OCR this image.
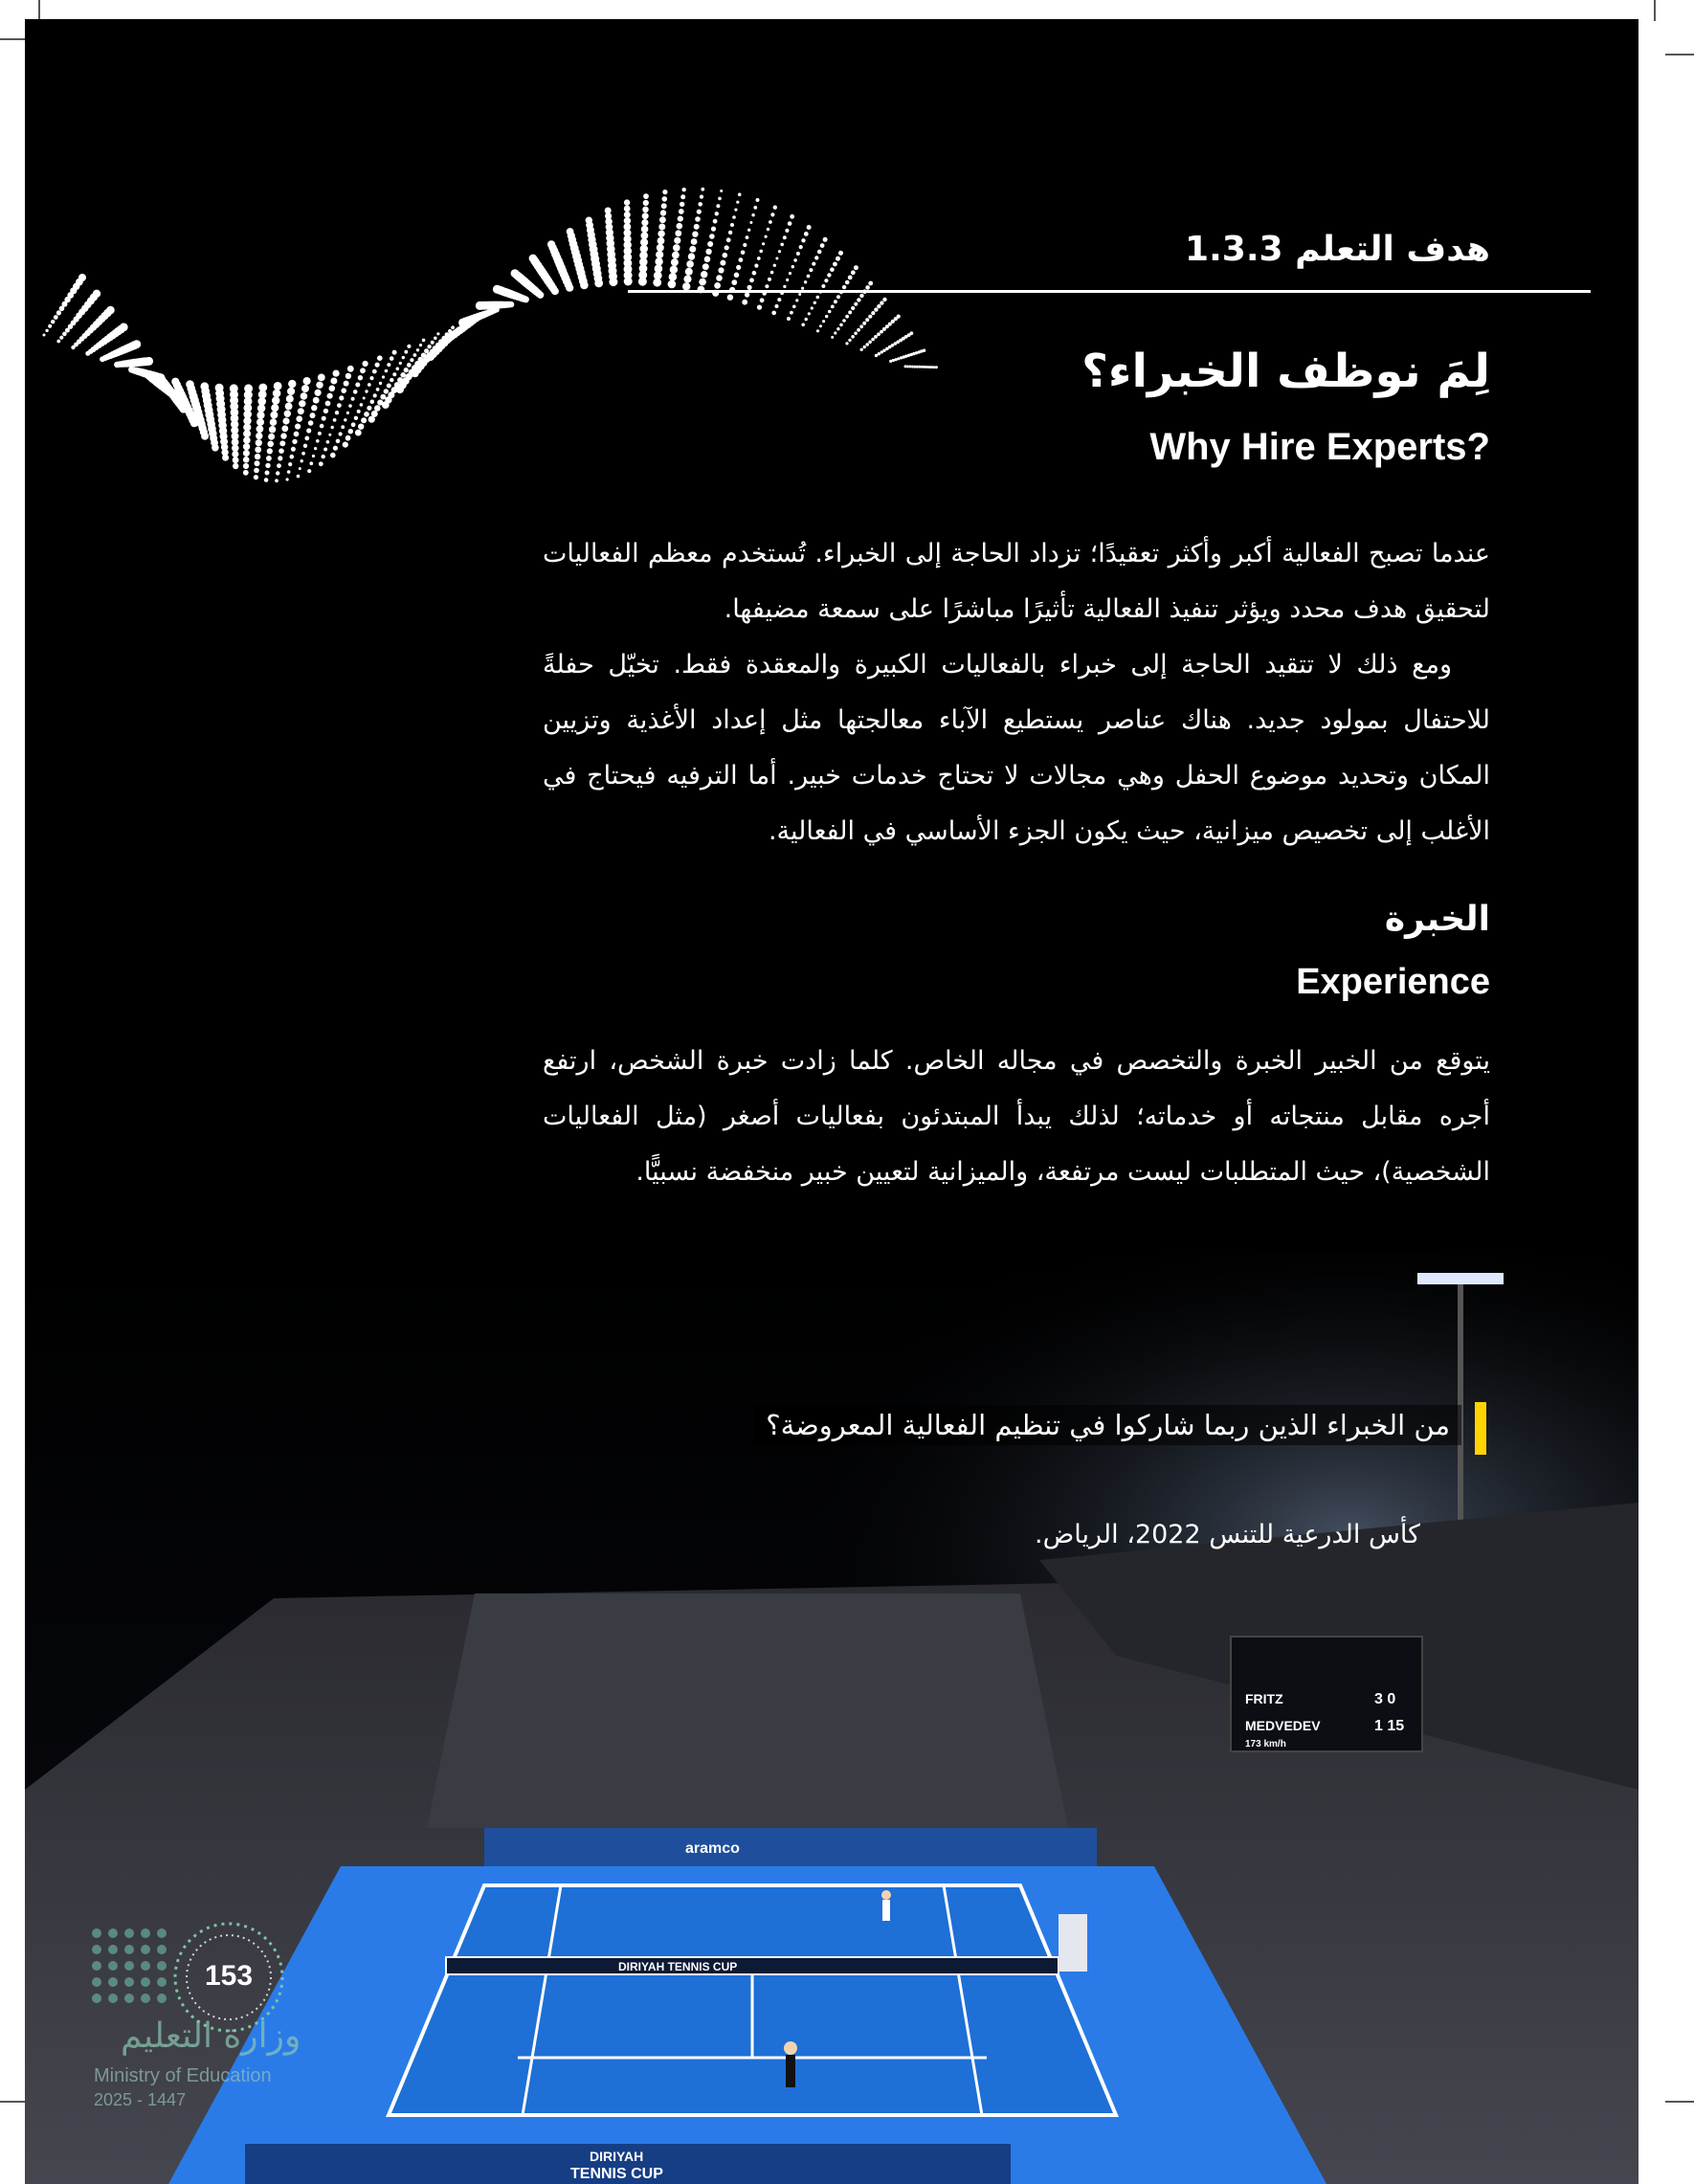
هدف التعلم 1.3.3
لِمَ نوظف الخبراء؟
Why Hire Experts?
عندما تصبح الفعالية أكبر وأكثر تعقيدًا؛ تزداد الحاجة إلى الخبراء. تُستخدم معظم الفعاليات لتحقيق هدف محدد ويؤثر تنفيذ الفعالية تأثيرًا مباشرًا على سمعة مضيفها.
ومع ذلك لا تتقيد الحاجة إلى خبراء بالفعاليات الكبيرة والمعقدة فقط. تخيّل حفلةً للاحتفال بمولود جديد. هناك عناصر يستطيع الآباء معالجتها مثل إعداد الأغذية وتزيين المكان وتحديد موضوع الحفل وهي مجالات لا تحتاج خدمات خبير. أما الترفيه فيحتاج في الأغلب إلى تخصيص ميزانية، حيث يكون الجزء الأساسي في الفعالية.
الخبرة
Experience
يتوقع من الخبير الخبرة والتخصص في مجاله الخاص. كلما زادت خبرة الشخص، ارتفع أجره مقابل منتجاته أو خدماته؛ لذلك يبدأ المبتدئون بفعاليات أصغر (مثل الفعاليات الشخصية)، حيث المتطلبات ليست مرتفعة، والميزانية لتعيين خبير منخفضة نسبيًّا.
FRITZ
MEDVEDEV
3 0
1 15
173 km/h
aramco
DIRIYAH TENNIS CUP
DIRIYAH
TENNIS CUP
من الخبراء الذين ربما شاركوا في تنظيم الفعالية المعروضة؟
كأس الدرعية للتنس 2022، الرياض.
153
وزارة التعليم
Ministry of Education
2025 - 1447
